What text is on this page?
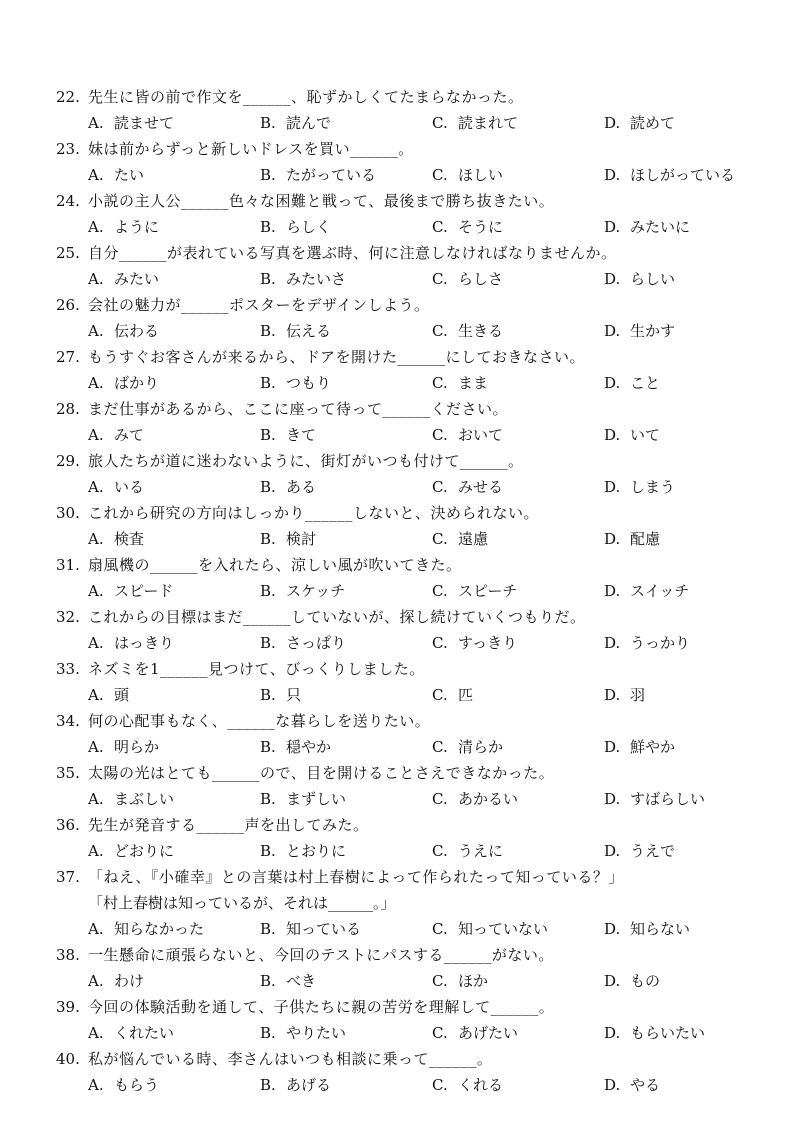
22. 先生に皆の前で作文を______、恥ずかしくてたまらなかった。
A. 読ませて	B. 読んで	C. 読まれて	D. 読めて
23. 妹は前からずっと新しいドレスを買い______。
A. たい	B. たがっている	C. ほしい	D. ほしがっている
24. 小説の主人公______色々な困難と戦って、最後まで勝ち抜きたい。
A. ように	B. らしく	C. そうに	D. みたいに
25. 自分______が表れている写真を選ぶ時、何に注意しなければなりませんか。
A. みたい	B. みたいさ	C. らしさ	D. らしい
26. 会社の魅力が______ポスターをデザインしよう。
A. 伝わる	B. 伝える	C. 生きる	D. 生かす
27. もうすぐお客さんが来るから、ドアを開けた______にしておきなさい。
A. ばかり	B. つもり	C. まま	D. こと
28. まだ仕事があるから、ここに座って待って______ください。
A. みて	B. きて	C. おいて	D. いて
29. 旅人たちが道に迷わないように、街灯がいつも付けて______。
A. いる	B. ある	C. みせる	D. しまう
30. これから研究の方向はしっかり______しないと、決められない。
A. 検査	B. 検討	C. 遠慮	D. 配慮
31. 扇風機の______を入れたら、涼しい風が吹いてきた。
A. スピード	B. スケッチ	C. スピーチ	D. スイッチ
32. これからの目標はまだ______していないが、探し続けていくつもりだ。
A. はっきり	B. さっぱり	C. すっきり	D. うっかり
33. ネズミを1______見つけて、びっくりしました。
A. 頭	B. 只	C. 匹	D. 羽
34. 何の心配事もなく、______な暮らしを送りたい。
A. 明らか	B. 穏やか	C. 清らか	D. 鮮やか
35. 太陽の光はとても______ので、目を開けることさえできなかった。
A. まぶしい	B. まずしい	C. あかるい	D. すばらしい
36. 先生が発音する______声を出してみた。
A. どおりに	B. とおりに	C. うえに	D. うえで
37. 「ねえ、『小確幸』との言葉は村上春樹によって作られたって知っている？」
「村上春樹は知っているが、それは______。」
A. 知らなかった	B. 知っている	C. 知っていない	D. 知らない
38. 一生懸命に頑張らないと、今回のテストにパスする______がない。
A. わけ	B. べき	C. ほか	D. もの
39. 今回の体験活動を通して、子供たちに親の苦労を理解して______。
A. くれたい	B. やりたい	C. あげたい	D. もらいたい
40. 私が悩んでいる時、李さんはいつも相談に乗って______。
A. もらう	B. あげる	C. くれる	D. やる
